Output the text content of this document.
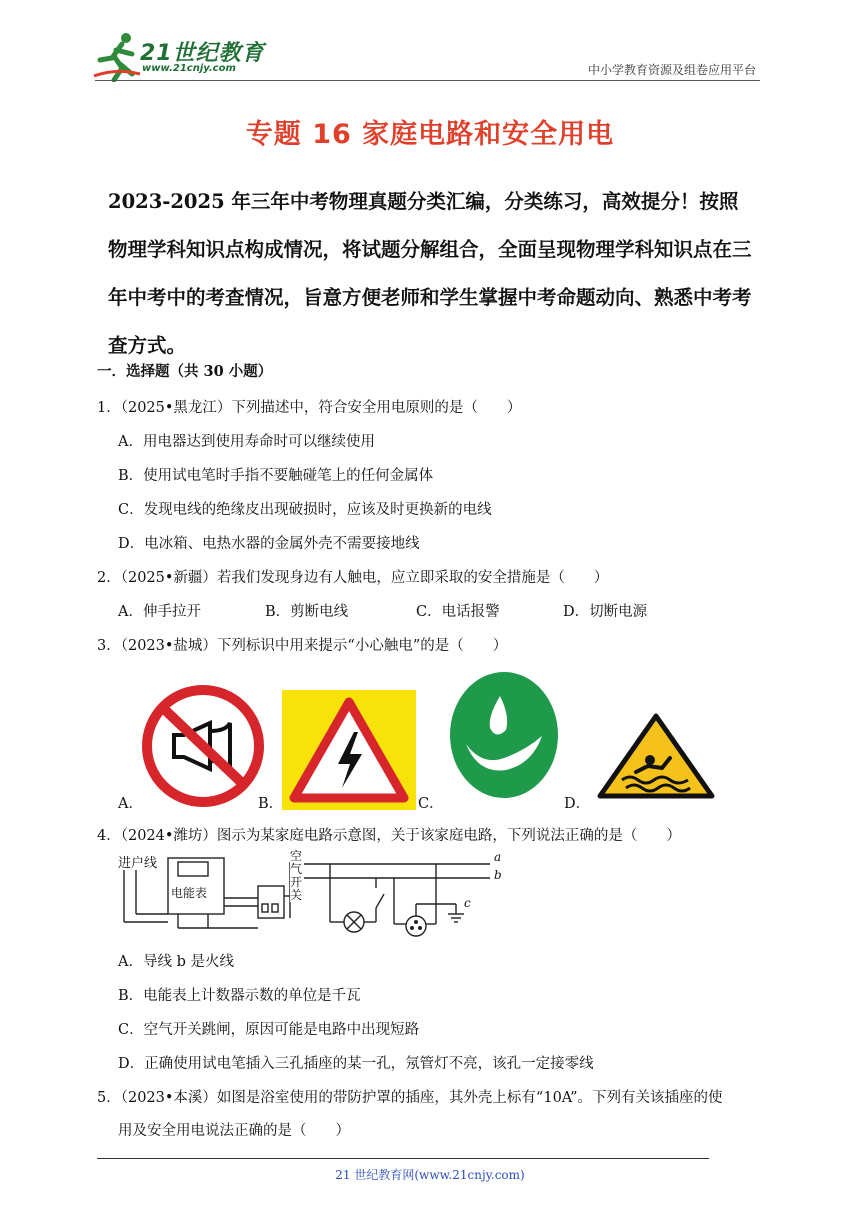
21世纪教育
www.21cnjy.com	中小学教育资源及组卷应用平台
专题 16 家庭电路和安全用电
2023-2025 年三年中考物理真题分类汇编，分类练习，高效提分！按照
物理学科知识点构成情况，将试题分解组合，全面呈现物理学科知识点在三
年中考中的考查情况，旨意方便老师和学生掌握中考命题动向、熟悉中考考
查方式。
一．选择题（共 30 小题）
1．（2025•黑龙江）下列描述中，符合安全用电原则的是（　　）
A．用电器达到使用寿命时可以继续使用
B．使用试电笔时手指不要触碰笔上的任何金属体
C．发现电线的绝缘皮出现破损时，应该及时更换新的电线
D．电冰箱、电热水器的金属外壳不需要接地线
2．（2025•新疆）若我们发现身边有人触电，应立即采取的安全措施是（　　）
A．伸手拉开	B．剪断电线	C．电话报警	D．切断电源
3．（2023•盐城）下列标识中用来提示“小心触电”的是（　　）
A．	B．	C．	D．
4．（2024•潍坊）图示为某家庭电路示意图，关于该家庭电路，下列说法正确的是（　　）
进户线
电能表
空气开关
a
b
c
A．导线 b 是火线
B．电能表上计数器示数的单位是千瓦
C．空气开关跳闸，原因可能是电路中出现短路
D．正确使用试电笔插入三孔插座的某一孔，氖管灯不亮，该孔一定接零线
5．（2023•本溪）如图是浴室使用的带防护罩的插座，其外壳上标有“10A”。下列有关该插座的使
用及安全用电说法正确的是（　　）
21 世纪教育网(www.21cnjy.com)
